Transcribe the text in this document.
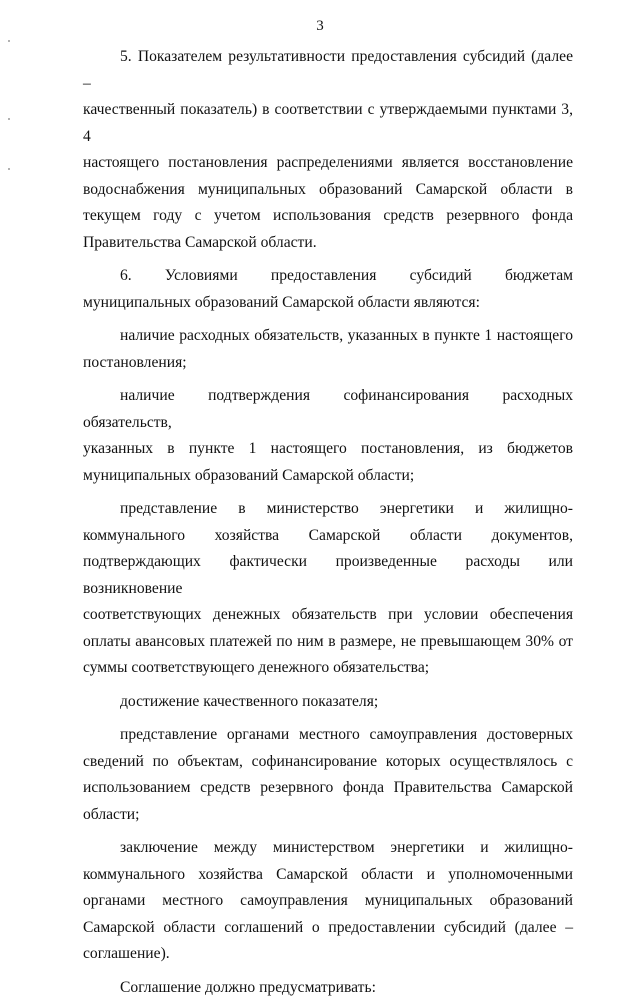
3
5. Показателем результативности предоставления субсидий (далее –
качественный показатель) в соответствии с утверждаемыми пунктами 3, 4
настоящего постановления распределениями является восстановление
водоснабжения муниципальных образований Самарской области в
текущем году с учетом использования средств резервного фонда
Правительства Самарской области.
6. Условиями предоставления субсидий бюджетам
муниципальных образований Самарской области являются:
наличие расходных обязательств, указанных в пункте 1 настоящего
постановления;
наличие подтверждения софинансирования расходных обязательств,
указанных в пункте 1 настоящего постановления, из бюджетов
муниципальных образований Самарской области;
представление в министерство энергетики и жилищно-
коммунального хозяйства Самарской области документов,
подтверждающих фактически произведенные расходы или возникновение
соответствующих денежных обязательств при условии обеспечения
оплаты авансовых платежей по ним в размере, не превышающем 30% от
суммы соответствующего денежного обязательства;
достижение качественного показателя;
представление органами местного самоуправления достоверных
сведений по объектам, софинансирование которых осуществлялось с
использованием средств резервного фонда Правительства Самарской
области;
заключение между министерством энергетики и жилищно-
коммунального хозяйства Самарской области и уполномоченными
органами местного самоуправления муниципальных образований
Самарской области соглашений о предоставлении субсидий (далее –
соглашение).
Соглашение должно предусматривать:
